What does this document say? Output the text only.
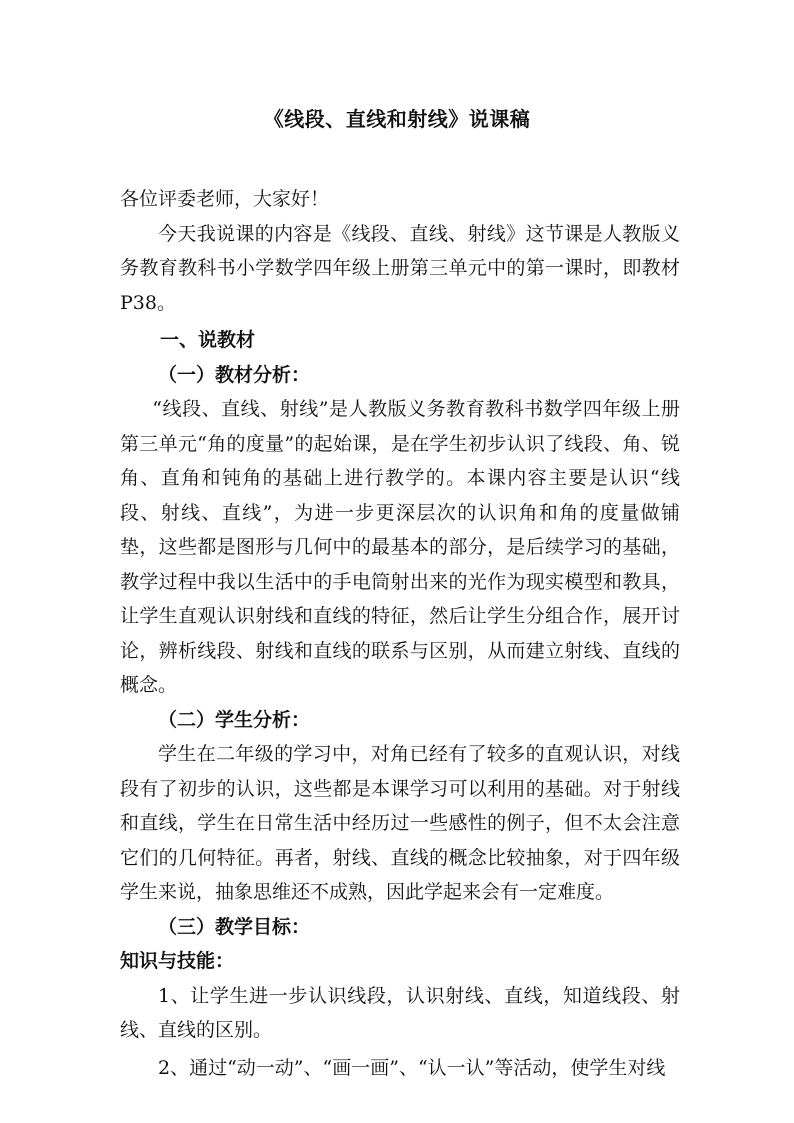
《线段、直线和射线》说课稿

各位评委老师，大家好！

今天我说课的内容是《线段、直线、射线》这节课是人教版义务教育教科书小学数学四年级上册第三单元中的第一课时，即教材P38。

一、说教材

（一）教材分析：

“线段、直线、射线”是人教版义务教育教科书数学四年级上册第三单元“角的度量”的起始课，是在学生初步认识了线段、角、锐角、直角和钝角的基础上进行教学的。本课内容主要是认识“线段、射线、直线”，为进一步更深层次的认识角和角的度量做铺垫，这些都是图形与几何中的最基本的部分，是后续学习的基础，教学过程中我以生活中的手电筒射出来的光作为现实模型和教具，让学生直观认识射线和直线的特征，然后让学生分组合作，展开讨论，辨析线段、射线和直线的联系与区别，从而建立射线、直线的概念。

（二）学生分析：

学生在二年级的学习中，对角已经有了较多的直观认识，对线段有了初步的认识，这些都是本课学习可以利用的基础。对于射线和直线，学生在日常生活中经历过一些感性的例子，但不太会注意它们的几何特征。再者，射线、直线的概念比较抽象，对于四年级学生来说，抽象思维还不成熟，因此学起来会有一定难度。

（三）教学目标：

知识与技能：

1、让学生进一步认识线段，认识射线、直线，知道线段、射线、直线的区别。

2、通过“动一动”、“画一画”、“认一认”等活动，使学生对线
